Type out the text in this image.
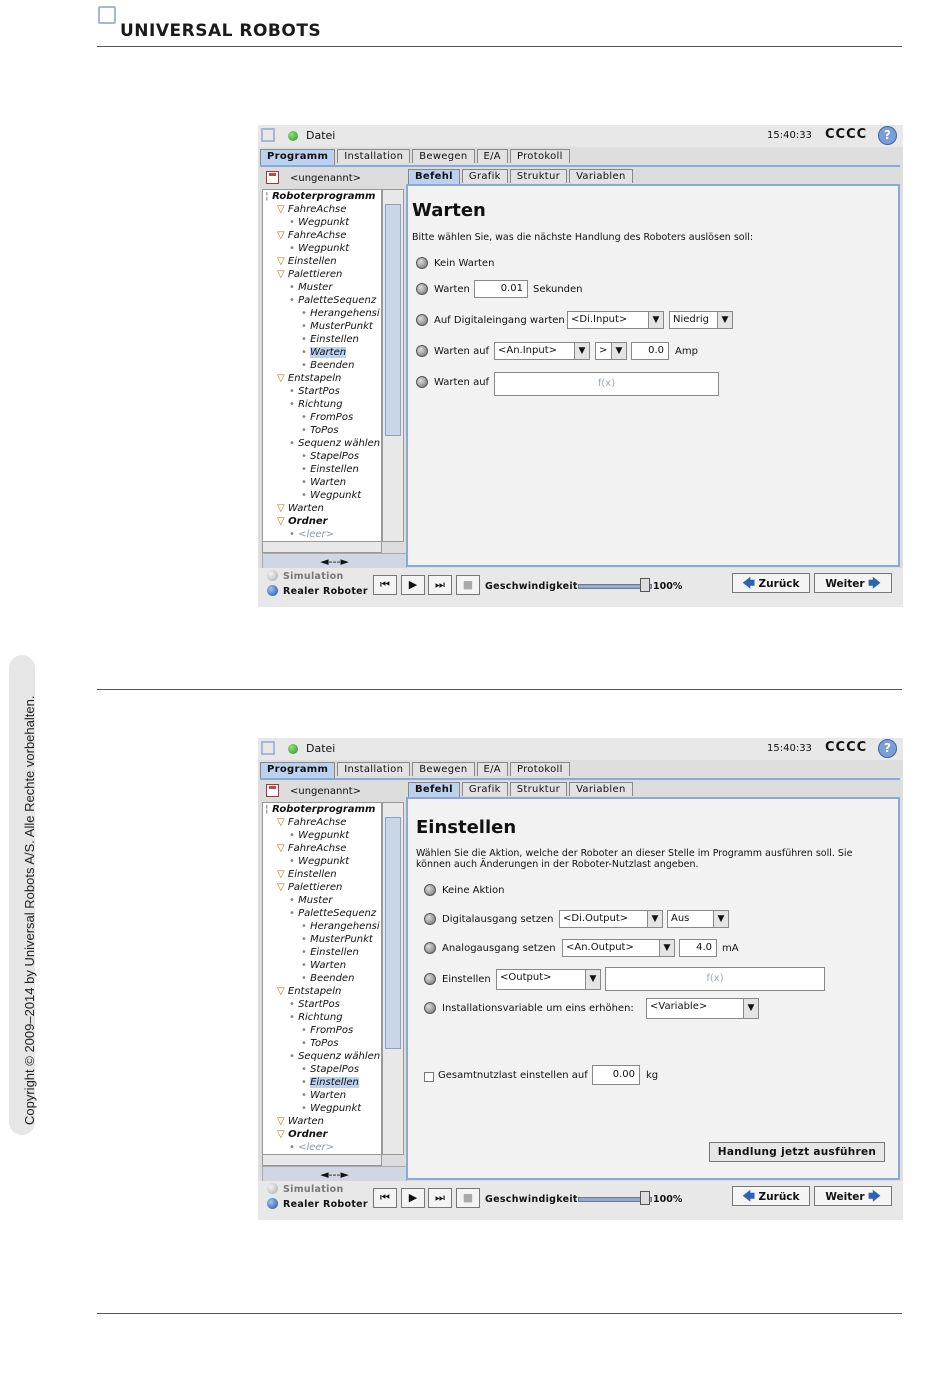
UNIVERSAL ROBOTS
Copyright © 2009–2014 by Universal Robots A/S. Alle Rechte vorbehalten.
Datei	15:40:33 CCCC	?
Programm	Installation	Bewegen	E/A	Protokoll
<ungenannt>
¦ Roboterprogramm
▽ FahreAchse
• Wegpunkt
▽ FahreAchse
• Wegpunkt
▽ Einstellen
▽ Palettieren
• Muster
• PaletteSequenz
• Herangehensi
• MusterPunkt
• Einstellen
• Warten
• Beenden
▽ Entstapeln
• StartPos
• Richtung
• FromPos
• ToPos
• Sequenz wählen
• StapelPos
• Einstellen
• Warten
• Wegpunkt
▽ Warten
▽ Ordner
• <leer>
◄---►
Befehl	Grafik	Struktur	Variablen
Warten
Bitte wählen Sie, was die nächste Handlung des Roboters auslösen soll:
Kein Warten
Warten	0.01	Sekunden
Auf Digitaleingang warten <Di.Input>	▼	Niedrig	▼
Warten auf <An.Input>	▼	> ▼	0.0	Amp
Warten auf	f(x)
Simulation
Realer Roboter
⏮	▶	⏭	■	Geschwindigkeit	100%	🡄 Zurück	Weiter 🡆
Datei	15:40:33 CCCC	?
Programm	Installation	Bewegen	E/A	Protokoll
<ungenannt>
¦ Roboterprogramm
▽ FahreAchse
• Wegpunkt
▽ FahreAchse
• Wegpunkt
▽ Einstellen
▽ Palettieren
• Muster
• PaletteSequenz
• Herangehensi
• MusterPunkt
• Einstellen
• Warten
• Beenden
▽ Entstapeln
• StartPos
• Richtung
• FromPos
• ToPos
• Sequenz wählen
• StapelPos
• Einstellen
• Warten
• Wegpunkt
▽ Warten
▽ Ordner
• <leer>
◄---►
Befehl	Grafik	Struktur	Variablen
Einstellen
Wählen Sie die Aktion, welche der Roboter an dieser Stelle im Programm ausführen soll. Sie
können auch Änderungen in der Roboter-Nutzlast angeben.
Keine Aktion
Digitalausgang setzen <Di.Output>	▼	Aus	▼
Analogausgang setzen	<An.Output>	▼	4.0	mA
Einstellen <Output>	▼	f(x)
Installationsvariable um eins erhöhen:	<Variable>	▼
Gesamtnutzlast einstellen auf	0.00	kg
Handlung jetzt ausführen
Simulation
Realer Roboter
⏮	▶	⏭	■	Geschwindigkeit	100%	🡄 Zurück	Weiter 🡆
